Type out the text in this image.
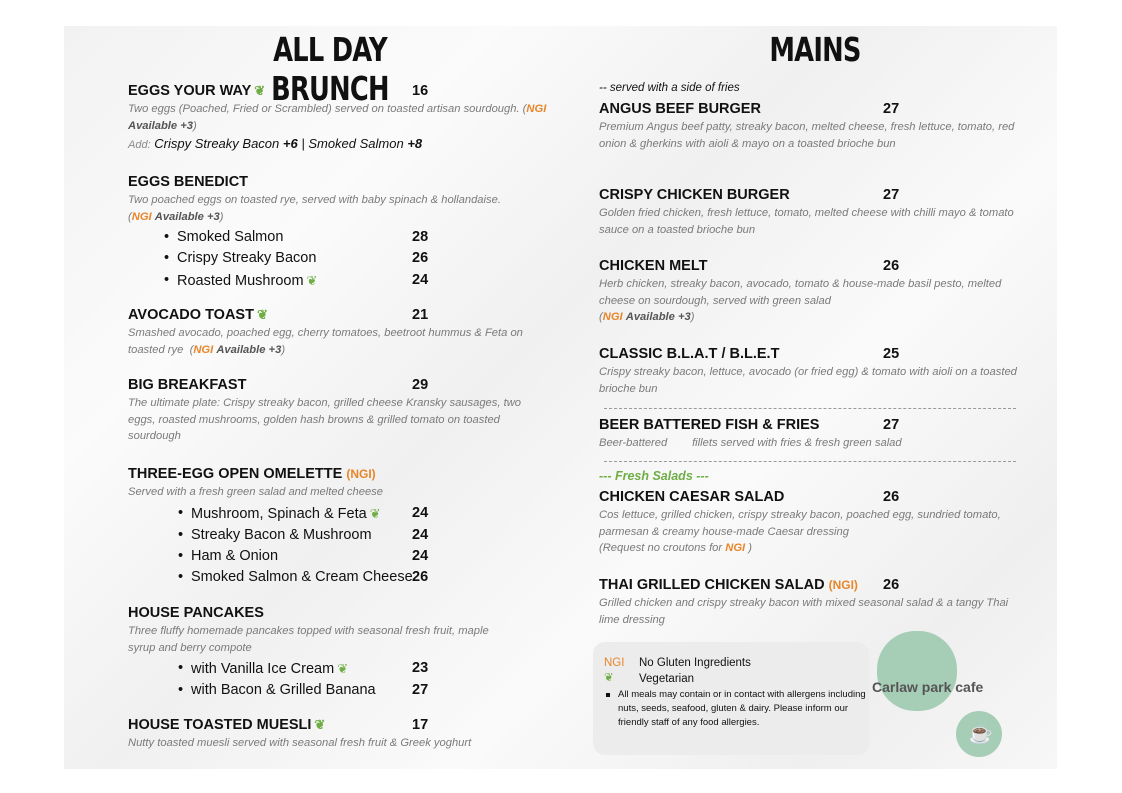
ALL DAY BRUNCH
MAINS
EGGS YOUR WAY ❦	16
Two eggs (Poached, Fried or Scrambled) served on toasted artisan sourdough. (NGI Available +3)
Add: Crispy Streaky Bacon +6 | Smoked Salmon +8
EGGS BENEDICT
Two poached eggs on toasted rye, served with baby spinach & hollandaise.  (NGI Available +3)
• Smoked Salmon	28
• Crispy Streaky Bacon	26
• Roasted Mushroom ❦	24
AVOCADO TOAST ❦	21
Smashed avocado, poached egg, cherry tomatoes, beetroot hummus & Feta on toasted rye  (NGI Available +3)
BIG BREAKFAST	29
The ultimate plate: Crispy streaky bacon, grilled cheese Kransky sausages, two eggs, roasted mushrooms, golden hash browns & grilled tomato on toasted sourdough
THREE-EGG OPEN OMELETTE (NGI)
Served with a fresh green salad and melted cheese
• Mushroom, Spinach & Feta ❦ 24
• Streaky Bacon & Mushroom	24
• Ham & Onion	24
• Smoked Salmon & Cream Cheese 26
HOUSE PANCAKES
Three fluffy homemade pancakes topped with seasonal fresh fruit, maple syrup and berry compote
• with Vanilla Ice Cream ❦	23
• with Bacon & Grilled Banana	27
HOUSE TOASTED MUESLI ❦	17
Nutty toasted muesli served with seasonal fresh fruit & Greek yoghurt
-- served with a side of fries
ANGUS BEEF BURGER	27
Premium Angus beef patty, streaky bacon, melted cheese, fresh lettuce, tomato, red onion & gherkins with aioli & mayo on a toasted brioche bun
CRISPY CHICKEN BURGER	27
Golden fried chicken, fresh lettuce, tomato, melted cheese with chilli mayo & tomato sauce on a toasted brioche bun
CHICKEN MELT	26
Herb chicken, streaky bacon, avocado, tomato & house-made basil pesto, melted cheese on sourdough, served with green salad
(NGI Available +3)
CLASSIC B.L.A.T / B.L.E.T	25
Crispy streaky bacon, lettuce, avocado (or fried egg) & tomato with aioli on a toasted brioche bun
BEER BATTERED FISH & FRIES	27
Beer-battered        fillets served with fries & fresh green salad
CHICKEN CAESAR SALAD	26
Cos lettuce, grilled chicken, crispy streaky bacon, poached egg, sundried tomato, parmesan & creamy house-made Caesar dressing
(Request no croutons for NGI )
THAI GRILLED CHICKEN SALAD (NGI)	26
Grilled chicken and crispy streaky bacon with mixed seasonal salad & a tangy Thai lime dressing
--- Fresh Salads ---
NGI No Gluten Ingredients
❦ Vegetarian
All meals may contain or in contact with allergens including nuts, seeds, seafood, gluten & dairy. Please inform our friendly staff of any food allergies.
Carlaw park cafe
☕
